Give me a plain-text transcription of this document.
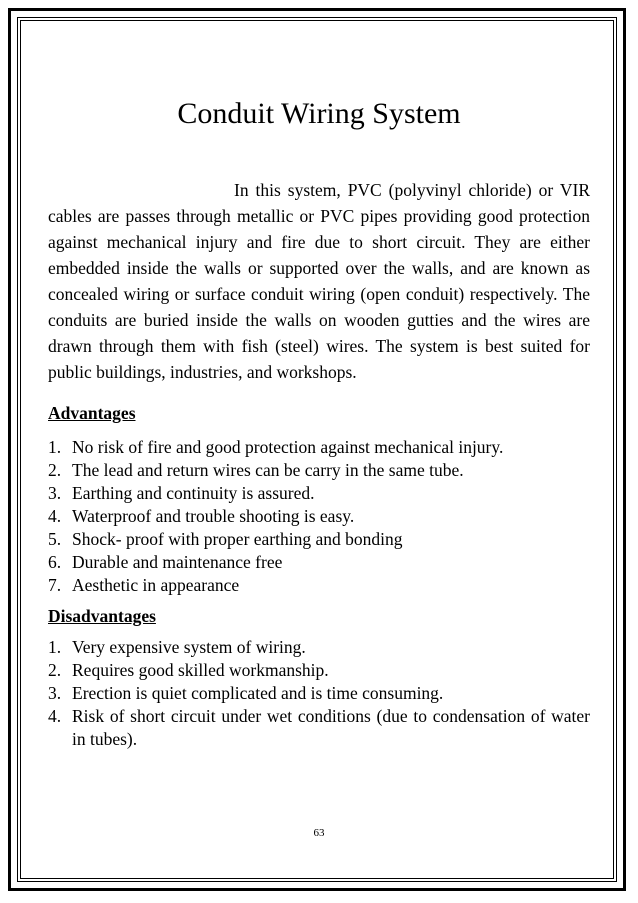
Conduit Wiring System
In this system, PVC (polyvinyl chloride) or VIR cables are passes through metallic or PVC pipes providing good protection against mechanical injury and fire due to short circuit. They are either embedded inside the walls or supported over the walls, and are known as concealed wiring or surface conduit wiring (open conduit) respectively. The conduits are buried inside the walls on wooden gutties and the wires are drawn through them with fish (steel) wires. The system is best suited for public buildings, industries, and workshops.
Advantages
1. No risk of fire and good protection against mechanical injury.
2. The lead and return wires can be carry in the same tube.
3. Earthing and continuity is assured.
4. Waterproof and trouble shooting is easy.
5. Shock- proof with proper earthing and bonding
6. Durable and maintenance free
7. Aesthetic in appearance
Disadvantages
1. Very expensive system of wiring.
2. Requires good skilled workmanship.
3. Erection is quiet complicated and is time consuming.
4. Risk of short circuit under wet conditions (due to condensation of water in tubes).
63
